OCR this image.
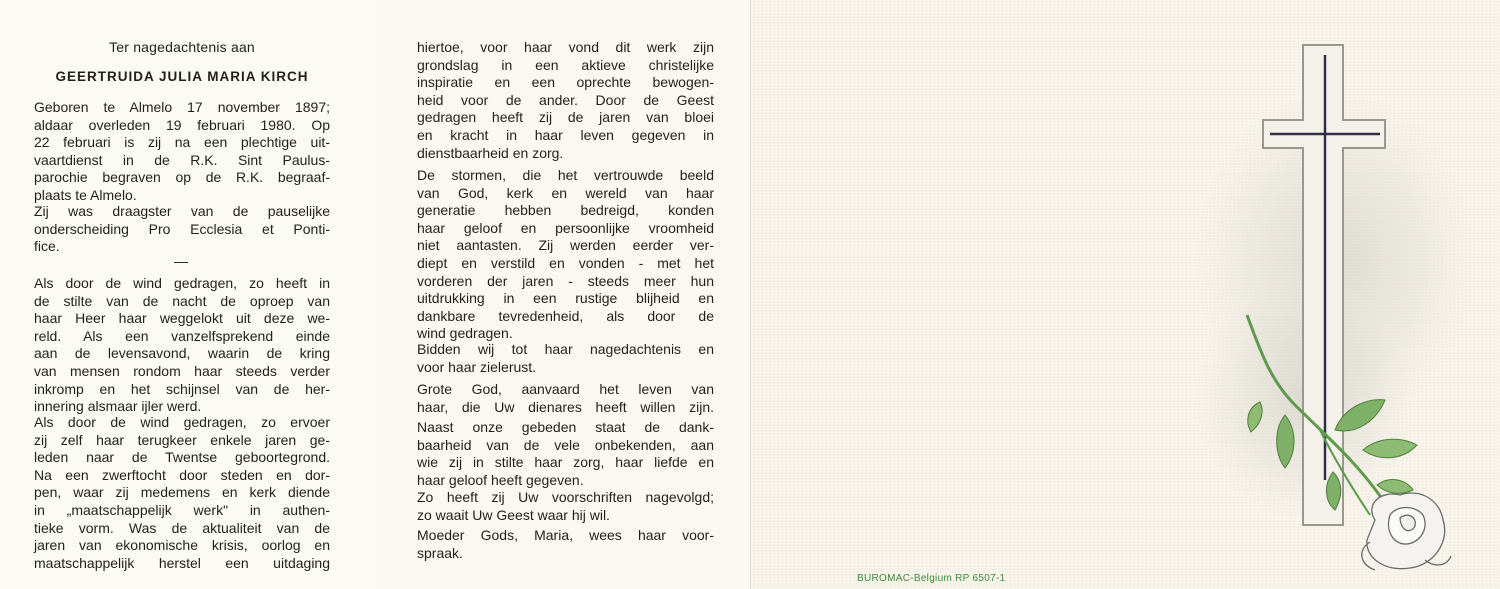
Ter nagedachtenis aan
GEERTRUIDA JULIA MARIA KIRCH
Geboren te Almelo 17 november 1897;
aldaar overleden 19 februari 1980. Op
22 februari is zij na een plechtige uit-
vaartdienst in de R.K. Sint Paulus-
parochie begraven op de R.K. begraaf-
plaats te Almelo.
Zij was draagster van de pauselijke
onderscheiding Pro Ecclesia et Ponti-
fice.
Als door de wind gedragen, zo heeft in
de stilte van de nacht de oproep van
haar Heer haar weggelokt uit deze we-
reld. Als een vanzelfsprekend einde
aan de levensavond, waarin de kring
van mensen rondom haar steeds verder
inkromp en het schijnsel van de her-
innering alsmaar ijler werd.
Als door de wind gedragen, zo ervoer
zij zelf haar terugkeer enkele jaren ge-
leden naar de Twentse geboortegrond.
Na een zwerftocht door steden en dor-
pen, waar zij medemens en kerk diende
in „maatschappelijk werk" in authen-
tieke vorm. Was de aktualiteit van de
jaren van ekonomische krisis, oorlog en
maatschappelijk herstel een uitdaging
hiertoe, voor haar vond dit werk zijn
grondslag in een aktieve christelijke
inspiratie en een oprechte bewogen-
heid voor de ander. Door de Geest
gedragen heeft zij de jaren van bloei
en kracht in haar leven gegeven in
dienstbaarheid en zorg.
De stormen, die het vertrouwde beeld
van God, kerk en wereld van haar
generatie hebben bedreigd, konden
haar geloof en persoonlijke vroomheid
niet aantasten. Zij werden eerder ver-
diept en verstild en vonden - met het
vorderen der jaren - steeds meer hun
uitdrukking in een rustige blijheid en
dankbare tevredenheid, als door de
wind gedragen.
Bidden wij tot haar nagedachtenis en
voor haar zielerust.
Grote God, aanvaard het leven van
haar, die Uw dienares heeft willen zijn.
Naast onze gebeden staat de dank-
baarheid van de vele onbekenden, aan
wie zij in stilte haar zorg, haar liefde en
haar geloof heeft gegeven.
Zo heeft zij Uw voorschriften nagevolgd;
zo waait Uw Geest waar hij wil.
Moeder Gods, Maria, wees haar voor-
spraak.
BUROMAC-Belgium RP 6507-1
